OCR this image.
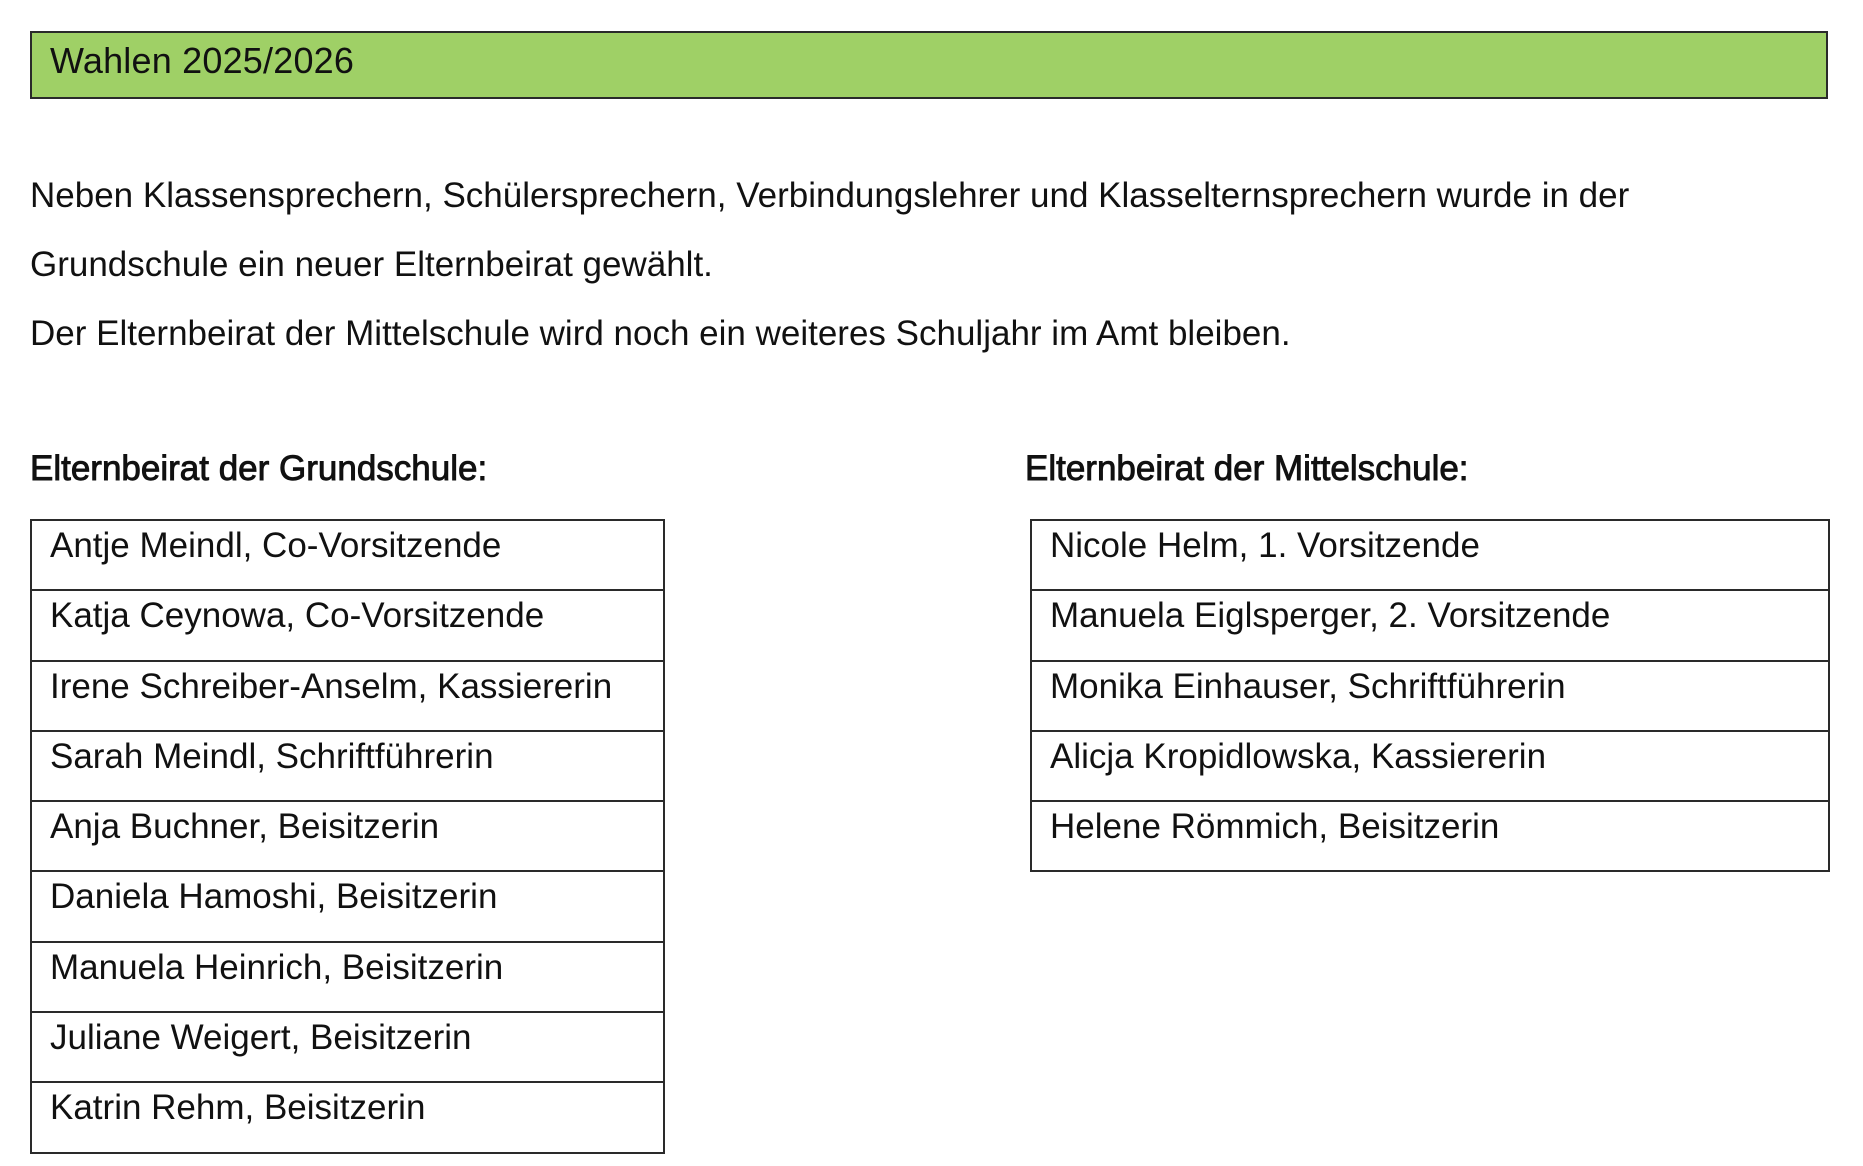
Wahlen 2025/2026
Neben Klassensprechern, Schülersprechern, Verbindungslehrer und Klasselternsprechern wurde in der
Grundschule ein neuer Elternbeirat gewählt.
Der Elternbeirat der Mittelschule wird noch ein weiteres Schuljahr im Amt bleiben.
Elternbeirat der Grundschule:	Elternbeirat der Mittelschule:
Antje Meindl, Co-Vorsitzende
Katja Ceynowa, Co-Vorsitzende
Irene Schreiber-Anselm, Kassiererin
Sarah Meindl, Schriftführerin
Anja Buchner, Beisitzerin
Daniela Hamoshi, Beisitzerin
Manuela Heinrich, Beisitzerin
Juliane Weigert, Beisitzerin
Katrin Rehm, Beisitzerin
Nicole Helm, 1. Vorsitzende
Manuela Eiglsperger, 2. Vorsitzende
Monika Einhauser, Schriftführerin
Alicja Kropidlowska, Kassiererin
Helene Römmich, Beisitzerin
